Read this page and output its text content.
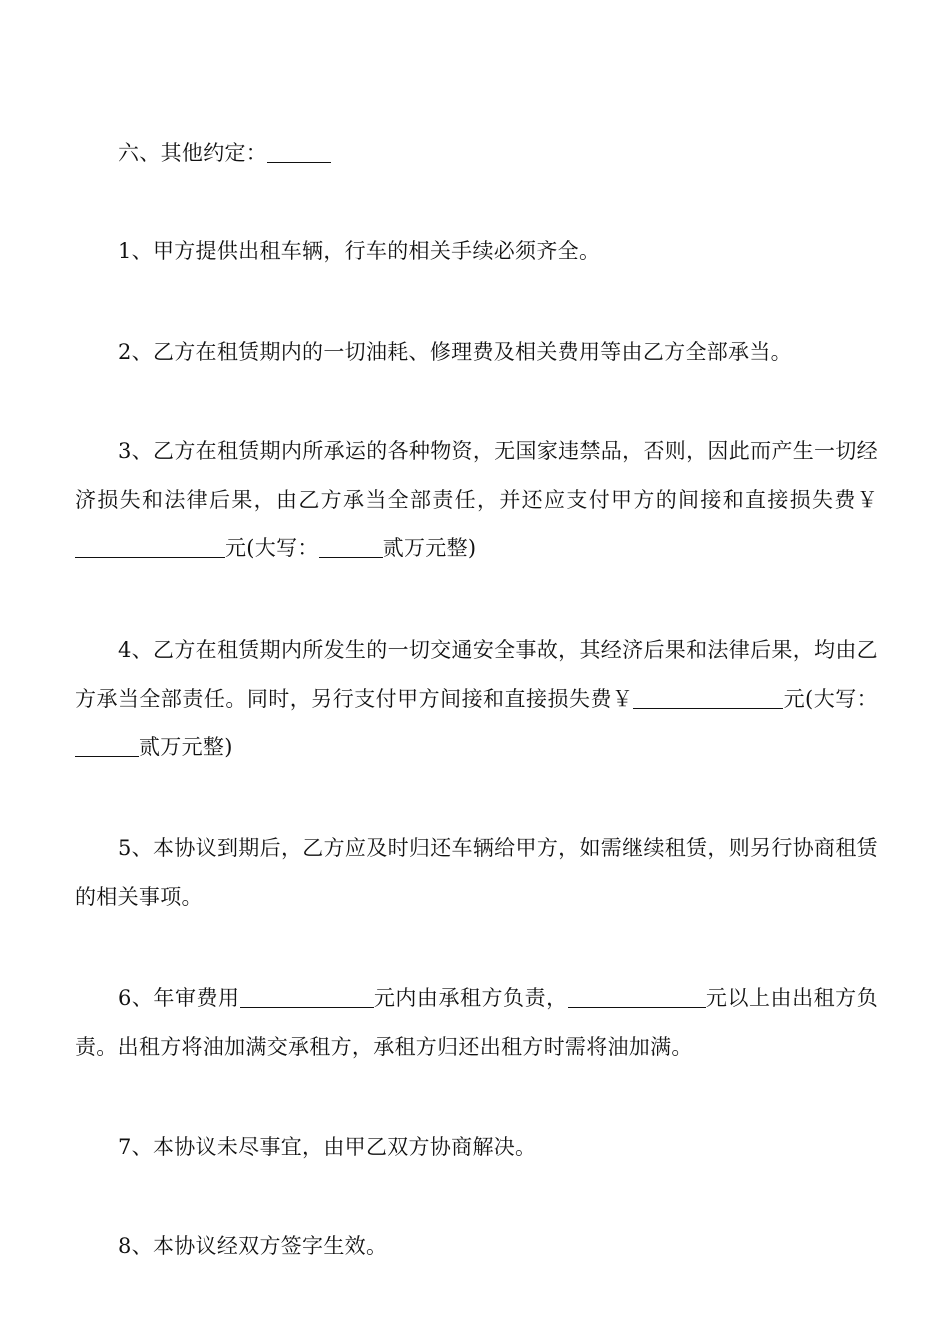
六、其他约定：

1、甲方提供出租车辆，行车的相关手续必须齐全。

2、乙方在租赁期内的一切油耗、修理费及相关费用等由乙方全部承当。

3、乙方在租赁期内所承运的各种物资，无国家违禁品，否则，因此而产生一切经济损失和法律后果，由乙方承当全部责任，并还应支付甲方的间接和直接损失费￥元(大写：	贰万元整)

4、乙方在租赁期内所发生的一切交通安全事故，其经济后果和法律后果，均由乙方承当全部责任。同时，另行支付甲方间接和直接损失费￥	元(大写：贰万元整)

5、本协议到期后，乙方应及时归还车辆给甲方，如需继续租赁，则另行协商租赁的相关事项。

6、年审费用	元内由承租方负责，	元以上由出租方负责。出租方将油加满交承租方，承租方归还出租方时需将油加满。

7、本协议未尽事宜，由甲乙双方协商解决。

8、本协议经双方签字生效。
